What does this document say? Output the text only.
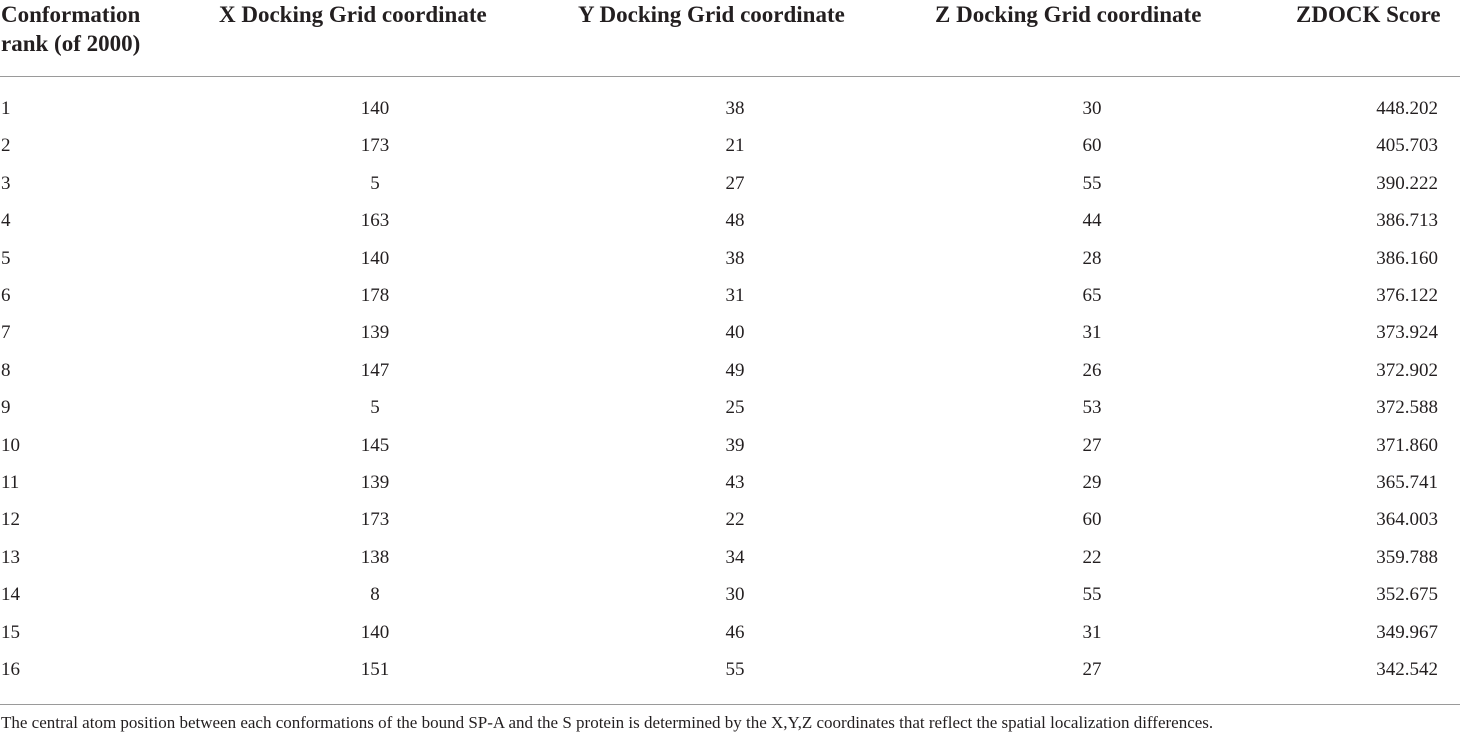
Conformation
rank (of 2000)
X Docking Grid coordinate	Y Docking Grid coordinate	Z Docking Grid coordinate	ZDOCK Score
1	140	38	30	448.202
2	173	21	60	405.703
3	5	27	55	390.222
4	163	48	44	386.713
5	140	38	28	386.160
6	178	31	65	376.122
7	139	40	31	373.924
8	147	49	26	372.902
9	5	25	53	372.588
10	145	39	27	371.860
11	139	43	29	365.741
12	173	22	60	364.003
13	138	34	22	359.788
14	8	30	55	352.675
15	140	46	31	349.967
16	151	55	27	342.542
The central atom position between each conformations of the bound SP-A and the S protein is determined by the X,Y,Z coordinates that reflect the spatial localization differences.
